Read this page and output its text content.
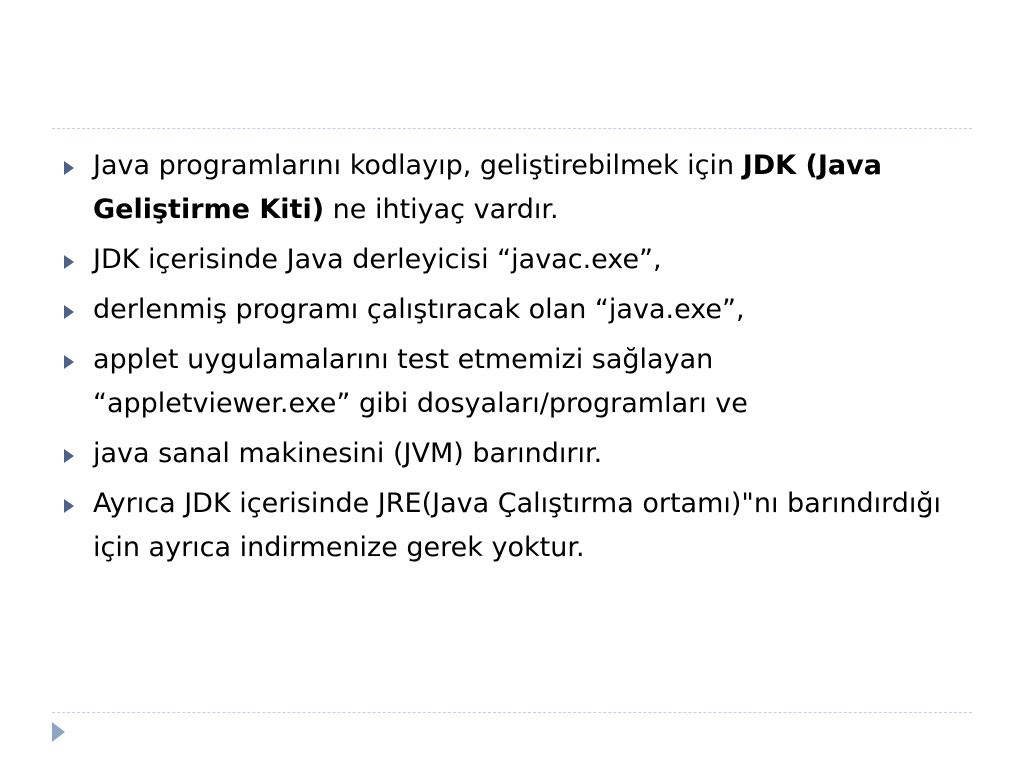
Java programlarını kodlayıp, geliştirebilmek için JDK (Java Geliştirme Kiti) ne ihtiyaç vardır.
JDK içerisinde Java derleyicisi “javac.exe”,
derlenmiş programı çalıştıracak olan “java.exe”,
applet uygulamalarını test etmemizi sağlayan “appletviewer.exe” gibi dosyaları/programları ve
java sanal makinesini (JVM) barındırır.
Ayrıca JDK içerisinde JRE(Java Çalıştırma ortamı)"nı barındırdığı için ayrıca indirmenize gerek yoktur.
